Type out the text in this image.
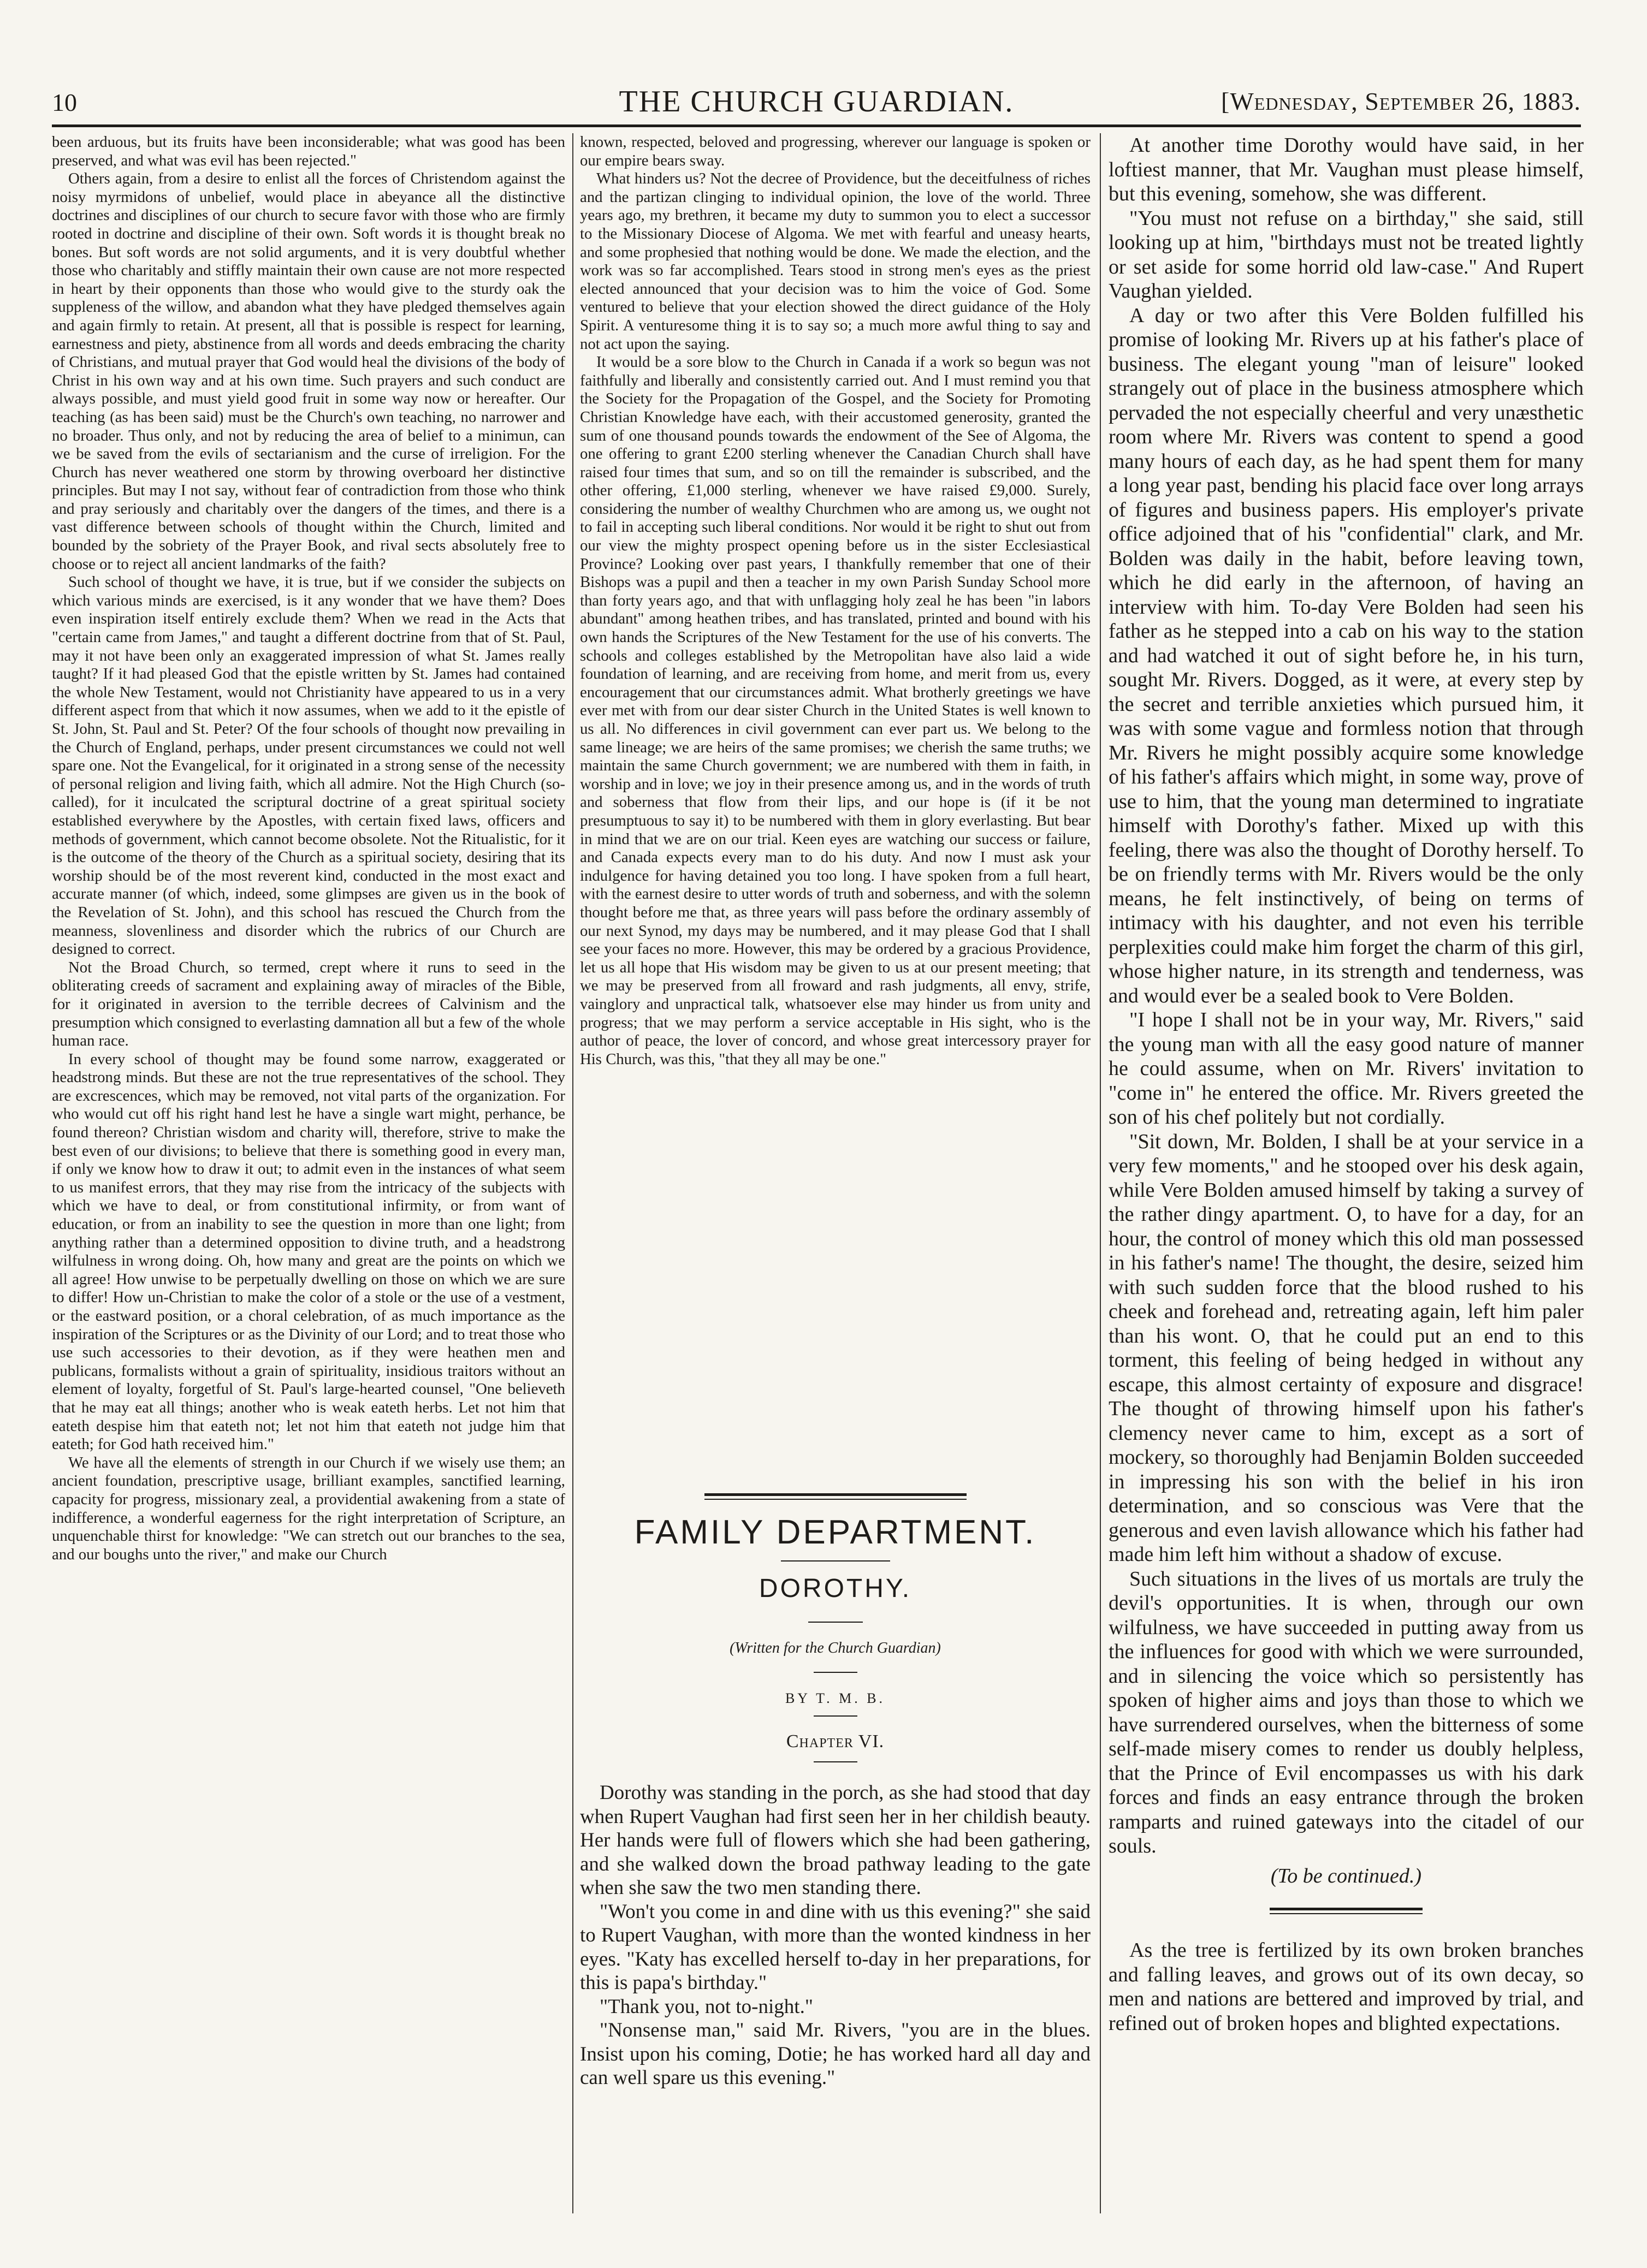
10	THE CHURCH GUARDIAN.	[Wednesday, September 26, 1883.

been arduous, but its fruits have been inconsiderable; what was good has been preserved, and what was evil has been rejected."

Others again, from a desire to enlist all the forces of Christendom against the noisy myrmidons of unbelief, would place in abeyance all the distinctive doctrines and disciplines of our church to secure favor with those who are firmly rooted in doctrine and discipline of their own. Soft words it is thought break no bones. But soft words are not solid arguments, and it is very doubtful whether those who charitably and stiffly maintain their own cause are not more respected in heart by their opponents than those who would give to the sturdy oak the suppleness of the willow, and abandon what they have pledged themselves again and again firmly to retain. At present, all that is possible is respect for learning, earnestness and piety, abstinence from all words and deeds embracing the charity of Christians, and mutual prayer that God would heal the divisions of the body of Christ in his own way and at his own time. Such prayers and such conduct are always possible, and must yield good fruit in some way now or hereafter. Our teaching (as has been said) must be the Church's own teaching, no narrower and no broader. Thus only, and not by reducing the area of belief to a minimun, can we be saved from the evils of sectarianism and the curse of irreligion. For the Church has never weathered one storm by throwing overboard her distinctive principles. But may I not say, without fear of contradiction from those who think and pray seriously and charitably over the dangers of the times, and there is a vast difference between schools of thought within the Church, limited and bounded by the sobriety of the Prayer Book, and rival sects absolutely free to choose or to reject all ancient landmarks of the faith?

Such school of thought we have, it is true, but if we consider the subjects on which various minds are exercised, is it any wonder that we have them? Does even inspiration itself entirely exclude them? When we read in the Acts that "certain came from James," and taught a different doctrine from that of St. Paul, may it not have been only an exaggerated impression of what St. James really taught? If it had pleased God that the epistle written by St. James had contained the whole New Testament, would not Christianity have appeared to us in a very different aspect from that which it now assumes, when we add to it the epistle of St. John, St. Paul and St. Peter? Of the four schools of thought now prevailing in the Church of England, perhaps, under present circumstances we could not well spare one. Not the Evangelical, for it originated in a strong sense of the necessity of personal religion and living faith, which all admire. Not the High Church (so-called), for it inculcated the scriptural doctrine of a great spiritual society established everywhere by the Apostles, with certain fixed laws, officers and methods of government, which cannot become obsolete. Not the Ritualistic, for it is the outcome of the theory of the Church as a spiritual society, desiring that its worship should be of the most reverent kind, conducted in the most exact and accurate manner (of which, indeed, some glimpses are given us in the book of the Revelation of St. John), and this school has rescued the Church from the meanness, slovenliness and disorder which the rubrics of our Church are designed to correct.

Not the Broad Church, so termed, crept where it runs to seed in the obliterating creeds of sacrament and explaining away of miracles of the Bible, for it originated in aversion to the terrible decrees of Calvinism and the presumption which consigned to everlasting damnation all but a few of the whole human race.

In every school of thought may be found some narrow, exaggerated or headstrong minds. But these are not the true representatives of the school. They are excrescences, which may be removed, not vital parts of the organization. For who would cut off his right hand lest he have a single wart might, perhance, be found thereon? Christian wisdom and charity will, therefore, strive to make the best even of our divisions; to believe that there is something good in every man, if only we know how to draw it out; to admit even in the instances of what seem to us manifest errors, that they may rise from the intricacy of the subjects with which we have to deal, or from constitutional infirmity, or from want of education, or from an inability to see the question in more than one light; from anything rather than a determined opposition to divine truth, and a headstrong wilfulness in wrong doing. Oh, how many and great are the points on which we all agree! How unwise to be perpetually dwelling on those on which we are sure to differ! How un-Christian to make the color of a stole or the use of a vestment, or the eastward position, or a choral celebration, of as much importance as the inspiration of the Scriptures or as the Divinity of our Lord; and to treat those who use such accessories to their devotion, as if they were heathen men and publicans, formalists without a grain of spirituality, insidious traitors without an element of loyalty, forgetful of St. Paul's large-hearted counsel, "One believeth that he may eat all things; another who is weak eateth herbs. Let not him that eateth despise him that eateth not; let not him that eateth not judge him that eateth; for God hath received him."

We have all the elements of strength in our Church if we wisely use them; an ancient foundation, prescriptive usage, brilliant examples, sanctified learning, capacity for progress, missionary zeal, a providential awakening from a state of indifference, a wonderful eagerness for the right interpretation of Scripture, an unquenchable thirst for knowledge: "We can stretch out our branches to the sea, and our boughs unto the river," and make our Church

known, respected, beloved and progressing, wherever our language is spoken or our empire bears sway.

What hinders us? Not the decree of Providence, but the deceitfulness of riches and the partizan clinging to individual opinion, the love of the world. Three years ago, my brethren, it became my duty to summon you to elect a successor to the Missionary Diocese of Algoma. We met with fearful and uneasy hearts, and some prophesied that nothing would be done. We made the election, and the work was so far accomplished. Tears stood in strong men's eyes as the priest elected announced that your decision was to him the voice of God. Some ventured to believe that your election showed the direct guidance of the Holy Spirit. A venturesome thing it is to say so; a much more awful thing to say and not act upon the saying.

It would be a sore blow to the Church in Canada if a work so begun was not faithfully and liberally and consistently carried out. And I must remind you that the Society for the Propagation of the Gospel, and the Society for Promoting Christian Knowledge have each, with their accustomed generosity, granted the sum of one thousand pounds towards the endowment of the See of Algoma, the one offering to grant £200 sterling whenever the Canadian Church shall have raised four times that sum, and so on till the remainder is subscribed, and the other offering, £1,000 sterling, whenever we have raised £9,000. Surely, considering the number of wealthy Churchmen who are among us, we ought not to fail in accepting such liberal conditions. Nor would it be right to shut out from our view the mighty prospect opening before us in the sister Ecclesiastical Province? Looking over past years, I thankfully remember that one of their Bishops was a pupil and then a teacher in my own Parish Sunday School more than forty years ago, and that with unflagging holy zeal he has been "in labors abundant" among heathen tribes, and has translated, printed and bound with his own hands the Scriptures of the New Testament for the use of his converts. The schools and colleges established by the Metropolitan have also laid a wide foundation of learning, and are receiving from home, and merit from us, every encouragement that our circumstances admit. What brotherly greetings we have ever met with from our dear sister Church in the United States is well known to us all. No differences in civil government can ever part us. We belong to the same lineage; we are heirs of the same promises; we cherish the same truths; we maintain the same Church government; we are numbered with them in faith, in worship and in love; we joy in their presence among us, and in the words of truth and soberness that flow from their lips, and our hope is (if it be not presumptuous to say it) to be numbered with them in glory everlasting. But bear in mind that we are on our trial. Keen eyes are watching our success or failure, and Canada expects every man to do his duty. And now I must ask your indulgence for having detained you too long. I have spoken from a full heart, with the earnest desire to utter words of truth and soberness, and with the solemn thought before me that, as three years will pass before the ordinary assembly of our next Synod, my days may be numbered, and it may please God that I shall see your faces no more. However, this may be ordered by a gracious Providence, let us all hope that His wisdom may be given to us at our present meeting; that we may be preserved from all froward and rash judgments, all envy, strife, vainglory and unpractical talk, whatsoever else may hinder us from unity and progress; that we may perform a service acceptable in His sight, who is the author of peace, the lover of concord, and whose great intercessory prayer for His Church, was this, "that they all may be one."

FAMILY DEPARTMENT.
DOROTHY.
(Written for the Church Guardian)
BY T. M. B.
Chapter VI.

Dorothy was standing in the porch, as she had stood that day when Rupert Vaughan had first seen her in her childish beauty. Her hands were full of flowers which she had been gathering, and she walked down the broad pathway leading to the gate when she saw the two men standing there.

"Won't you come in and dine with us this evening?" she said to Rupert Vaughan, with more than the wonted kindness in her eyes. "Katy has excelled herself to-day in her preparations, for this is papa's birthday."

"Thank you, not to-night."

"Nonsense man," said Mr. Rivers, "you are in the blues. Insist upon his coming, Dotie; he has worked hard all day and can well spare us this evening."

At another time Dorothy would have said, in her loftiest manner, that Mr. Vaughan must please himself, but this evening, somehow, she was different.

"You must not refuse on a birthday," she said, still looking up at him, "birthdays must not be treated lightly or set aside for some horrid old law-case." And Rupert Vaughan yielded.

A day or two after this Vere Bolden fulfilled his promise of looking Mr. Rivers up at his father's place of business. The elegant young "man of leisure" looked strangely out of place in the business atmosphere which pervaded the not especially cheerful and very unæsthetic room where Mr. Rivers was content to spend a good many hours of each day, as he had spent them for many a long year past, bending his placid face over long arrays of figures and business papers. His employer's private office adjoined that of his "confidential" clark, and Mr. Bolden was daily in the habit, before leaving town, which he did early in the afternoon, of having an interview with him. To-day Vere Bolden had seen his father as he stepped into a cab on his way to the station and had watched it out of sight before he, in his turn, sought Mr. Rivers. Dogged, as it were, at every step by the secret and terrible anxieties which pursued him, it was with some vague and formless notion that through Mr. Rivers he might possibly acquire some knowledge of his father's affairs which might, in some way, prove of use to him, that the young man determined to ingratiate himself with Dorothy's father. Mixed up with this feeling, there was also the thought of Dorothy herself. To be on friendly terms with Mr. Rivers would be the only means, he felt instinctively, of being on terms of intimacy with his daughter, and not even his terrible perplexities could make him forget the charm of this girl, whose higher nature, in its strength and tenderness, was and would ever be a sealed book to Vere Bolden.

"I hope I shall not be in your way, Mr. Rivers," said the young man with all the easy good nature of manner he could assume, when on Mr. Rivers' invitation to "come in" he entered the office. Mr. Rivers greeted the son of his chef politely but not cordially.

"Sit down, Mr. Bolden, I shall be at your service in a very few moments," and he stooped over his desk again, while Vere Bolden amused himself by taking a survey of the rather dingy apartment. O, to have for a day, for an hour, the control of money which this old man possessed in his father's name! The thought, the desire, seized him with such sudden force that the blood rushed to his cheek and forehead and, retreating again, left him paler than his wont. O, that he could put an end to this torment, this feeling of being hedged in without any escape, this almost certainty of exposure and disgrace! The thought of throwing himself upon his father's clemency never came to him, except as a sort of mockery, so thoroughly had Benjamin Bolden succeeded in impressing his son with the belief in his iron determination, and so conscious was Vere that the generous and even lavish allowance which his father had made him left him without a shadow of excuse.

Such situations in the lives of us mortals are truly the devil's opportunities. It is when, through our own wilfulness, we have succeeded in putting away from us the influences for good with which we were surrounded, and in silencing the voice which so persistently has spoken of higher aims and joys than those to which we have surrendered ourselves, when the bitterness of some self-made misery comes to render us doubly helpless, that the Prince of Evil encompasses us with his dark forces and finds an easy entrance through the broken ramparts and ruined gateways into the citadel of our souls.

(To be continued.)

As the tree is fertilized by its own broken branches and falling leaves, and grows out of its own decay, so men and nations are bettered and improved by trial, and refined out of broken hopes and blighted expectations.
